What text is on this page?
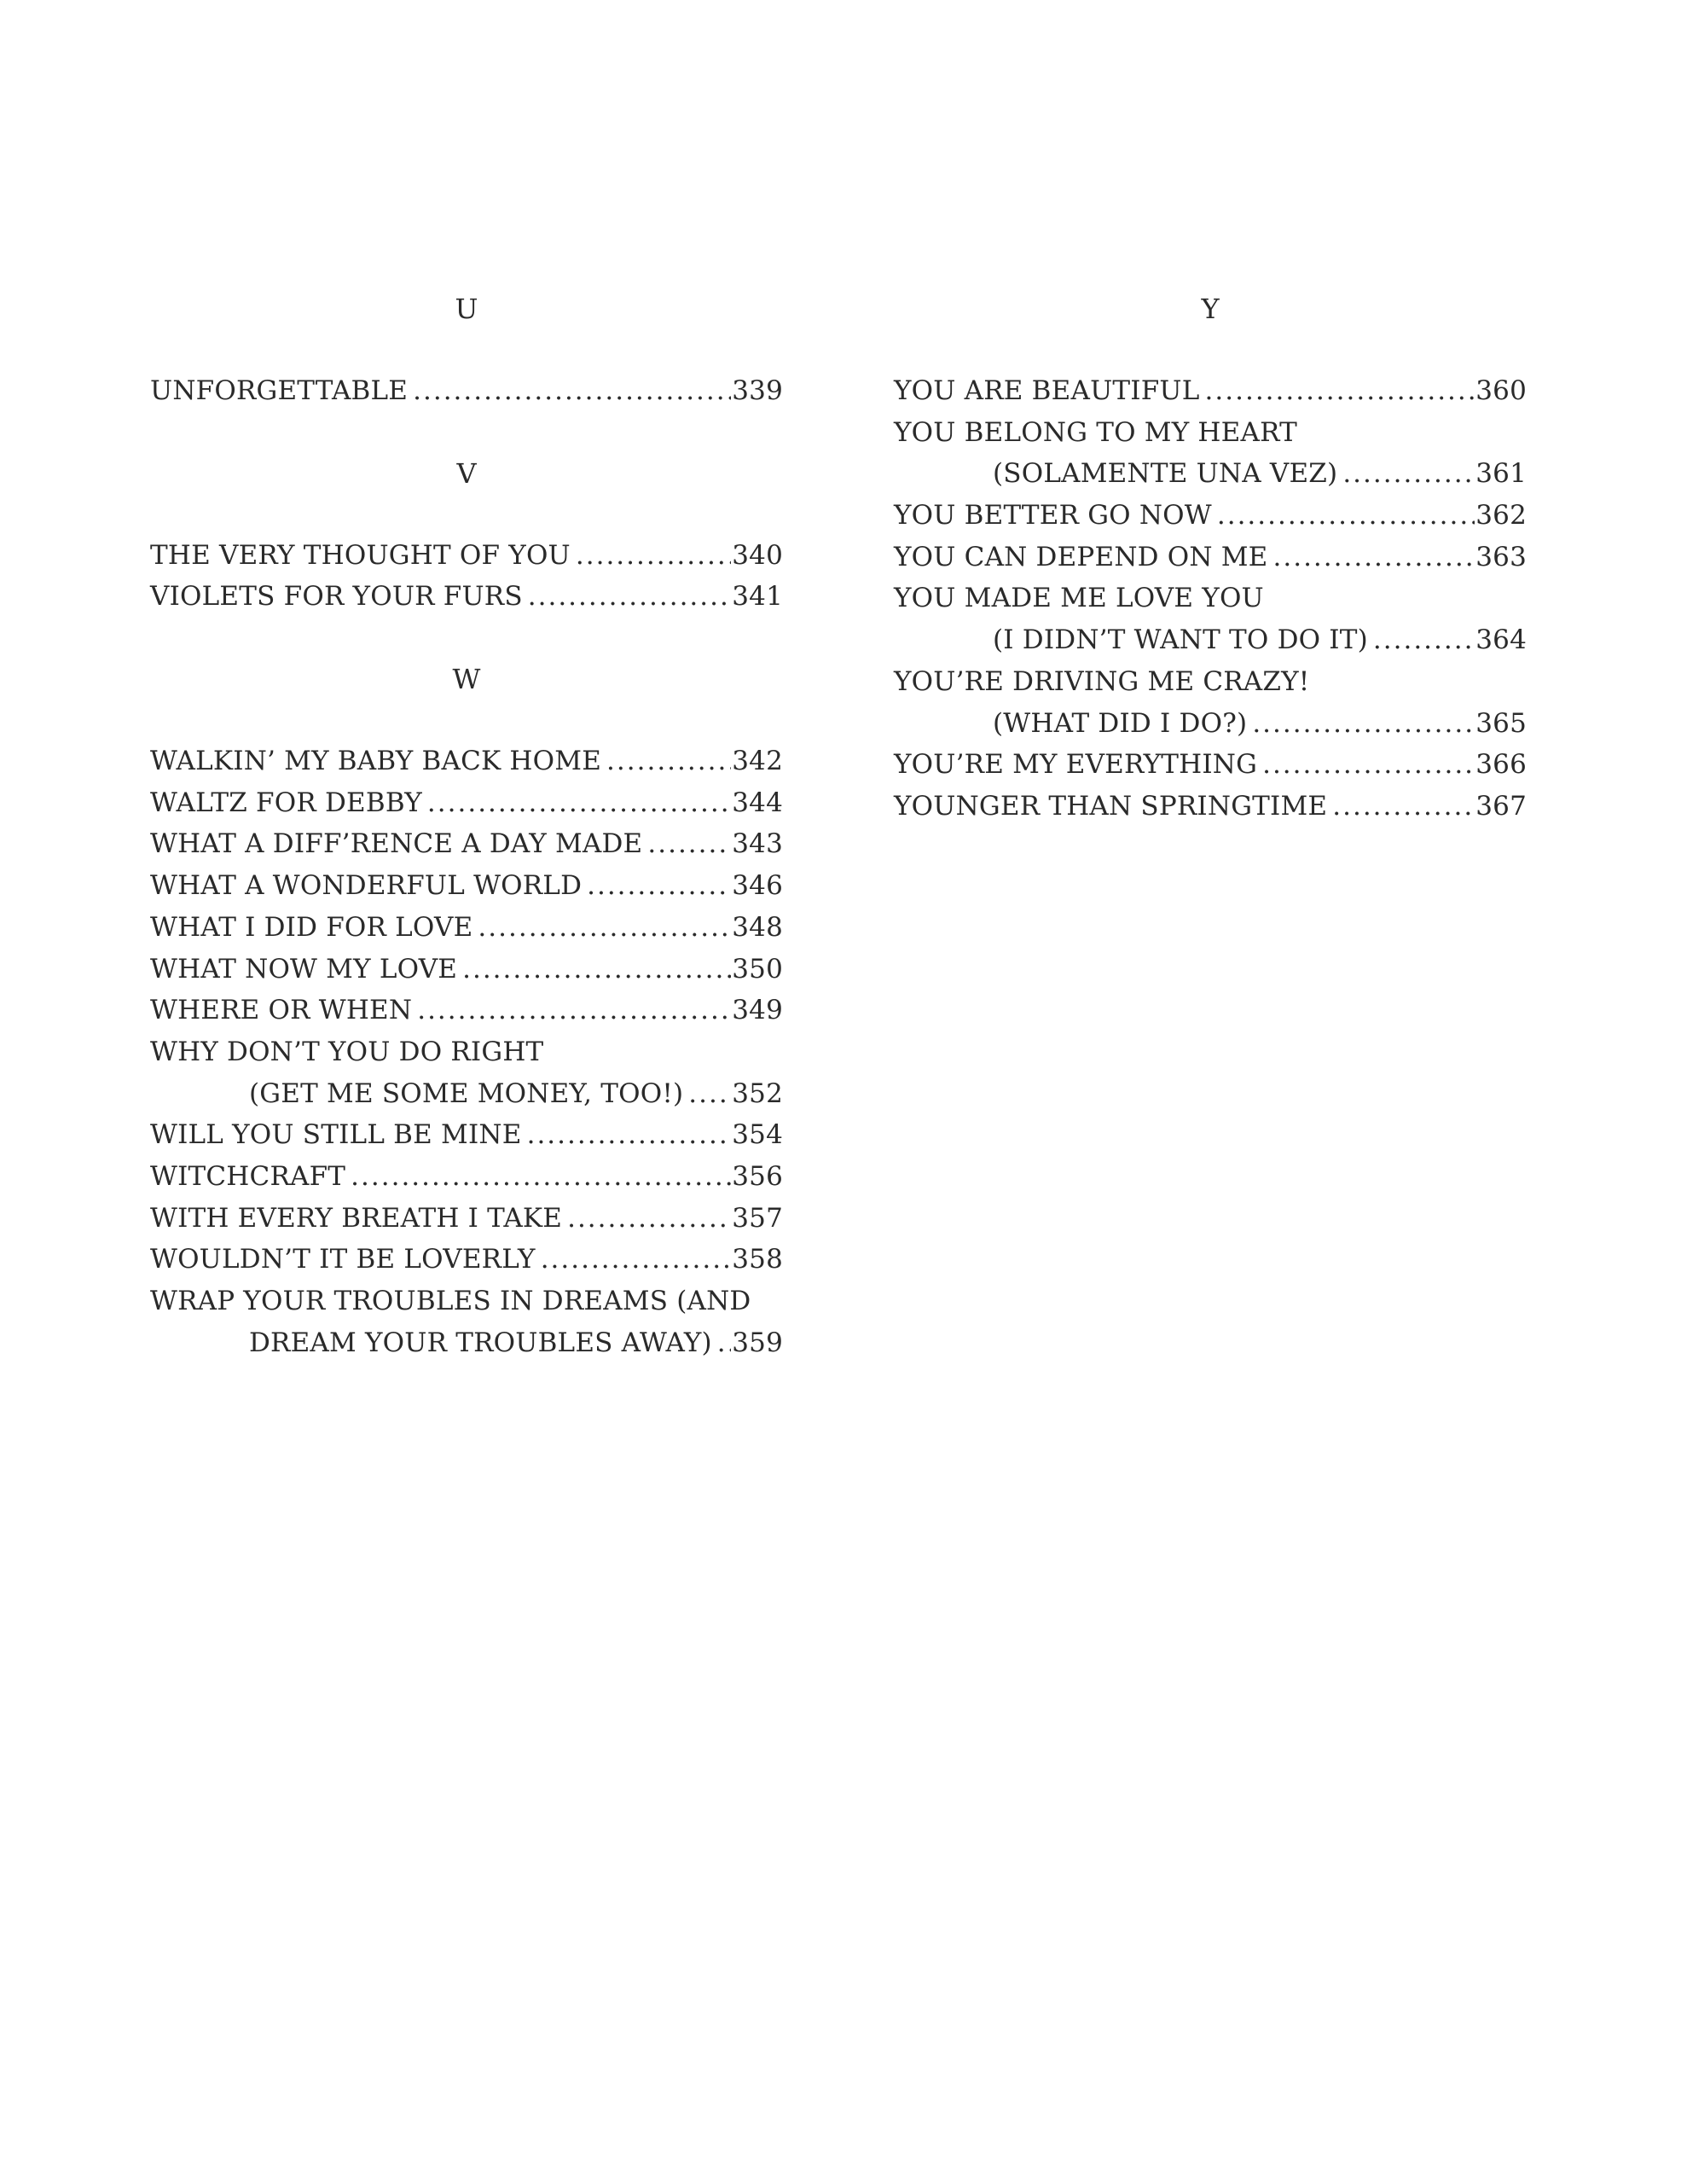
U
UNFORGETTABLE .....	339
V
THE VERY THOUGHT OF YOU .....	340
VIOLETS FOR YOUR FURS .....	341
W
WALKIN’ MY BABY BACK HOME .....	342
WALTZ FOR DEBBY .....	344
WHAT A DIFF’RENCE A DAY MADE .....	343
WHAT A WONDERFUL WORLD .....	346
WHAT I DID FOR LOVE .....	348
WHAT NOW MY LOVE .....	350
WHERE OR WHEN .....	349
WHY DON’T YOU DO RIGHT
(GET ME SOME MONEY, TOO!) ..... 352
WILL YOU STILL BE MINE .....	354
WITCHCRAFT .....	356
WITH EVERY BREATH I TAKE .....	357
WOULDN’T IT BE LOVERLY .....	358
WRAP YOUR TROUBLES IN DREAMS (AND
DREAM YOUR TROUBLES AWAY) ..... 359
Y
YOU ARE BEAUTIFUL .....	360
YOU BELONG TO MY HEART
(SOLAMENTE UNA VEZ) .....	361
YOU BETTER GO NOW .....	362
YOU CAN DEPEND ON ME .....	363
YOU MADE ME LOVE YOU
(I DIDN’T WANT TO DO IT) .....	364
YOU’RE DRIVING ME CRAZY!
(WHAT DID I DO?) .....	365
YOU’RE MY EVERYTHING .....	366
YOUNGER THAN SPRINGTIME .....	367
